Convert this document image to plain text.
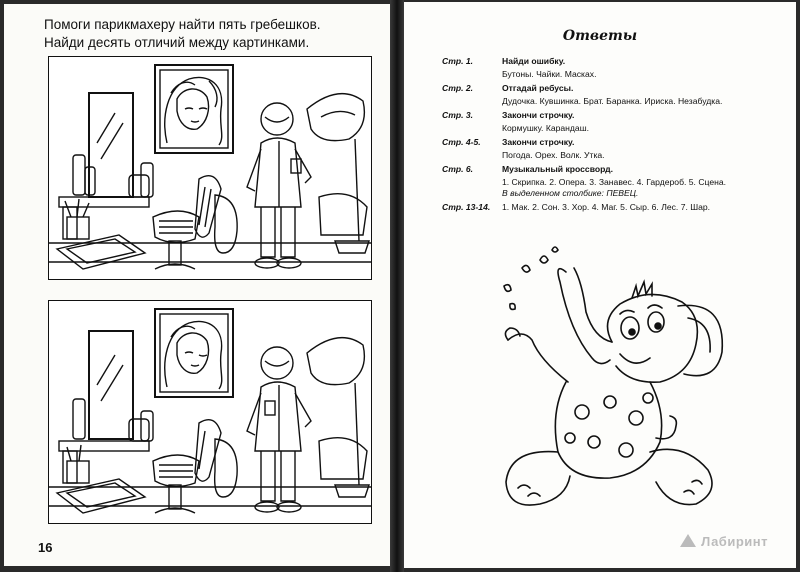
Помоги парикмахеру найти пять гребешков.
Найди десять отличий между картинками.
16
Ответы
Стр. 1.	Найди ошибку.
Бутоны. Чайки. Масках.
Стр. 2.	Отгадай ребусы.
Дудочка. Кувшинка. Брат. Баранка. Ириска. Незабудка.
Стр. 3.	Закончи строчку.
Кормушку. Карандаш.
Стр. 4-5.	Закончи строчку.
Погода. Орех. Волк. Утка.
Стр. 6.	Музыкальный кроссворд.
1. Скрипка. 2. Опера. 3. Занавес. 4. Гардероб. 5. Сцена.
В выделенном столбике: ПЕВЕЦ.
Стр. 13-14.	1. Мак. 2. Сон. 3. Хор. 4. Маг. 5. Сыр. 6. Лес. 7. Шар.
Лабиринт
